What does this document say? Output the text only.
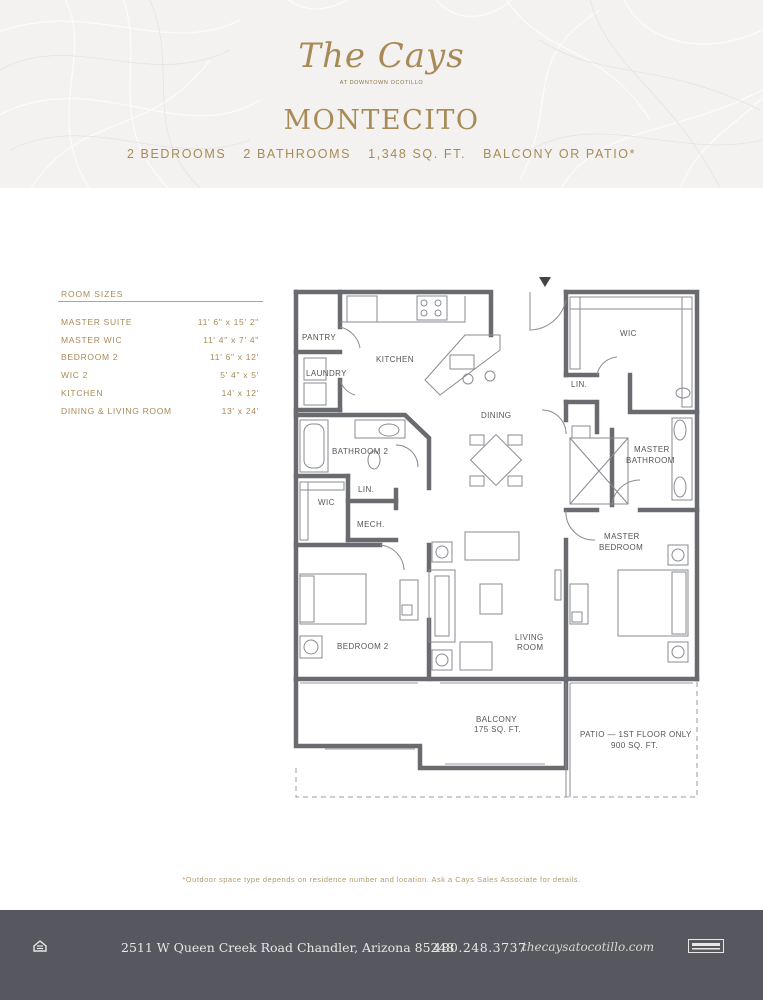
The Cays
AT DOWNTOWN OCOTILLO
MONTECITO
2 BEDROOMS 2 BATHROOMS 1,348 SQ. FT. BALCONY OR PATIO*
ROOM SIZES
MASTER SUITE	11' 6" x 15' 2"
MASTER WIC	11' 4" x 7' 4"
BEDROOM 2	11' 6" x 12'
WIC 2	5' 4" x 5'
KITCHEN	14' x 12'
DINING & LIVING ROOM	13' x 24'
PANTRY
KITCHEN
LAUNDRY
DINING
BATHROOM 2
WIC
LIN.
MECH.
BEDROOM 2
LIVING
ROOM
WIC
LIN.
MASTER
BATHROOM
MASTER
BEDROOM
BALCONY
175 SQ. FT.
PATIO — 1ST FLOOR ONLY
900 SQ. FT.
*Outdoor space type depends on residence number and location. Ask a Cays Sales Associate for details.
2511 W Queen Creek Road Chandler, Arizona 85248
480.248.3737
thecaysatocotillo.com
